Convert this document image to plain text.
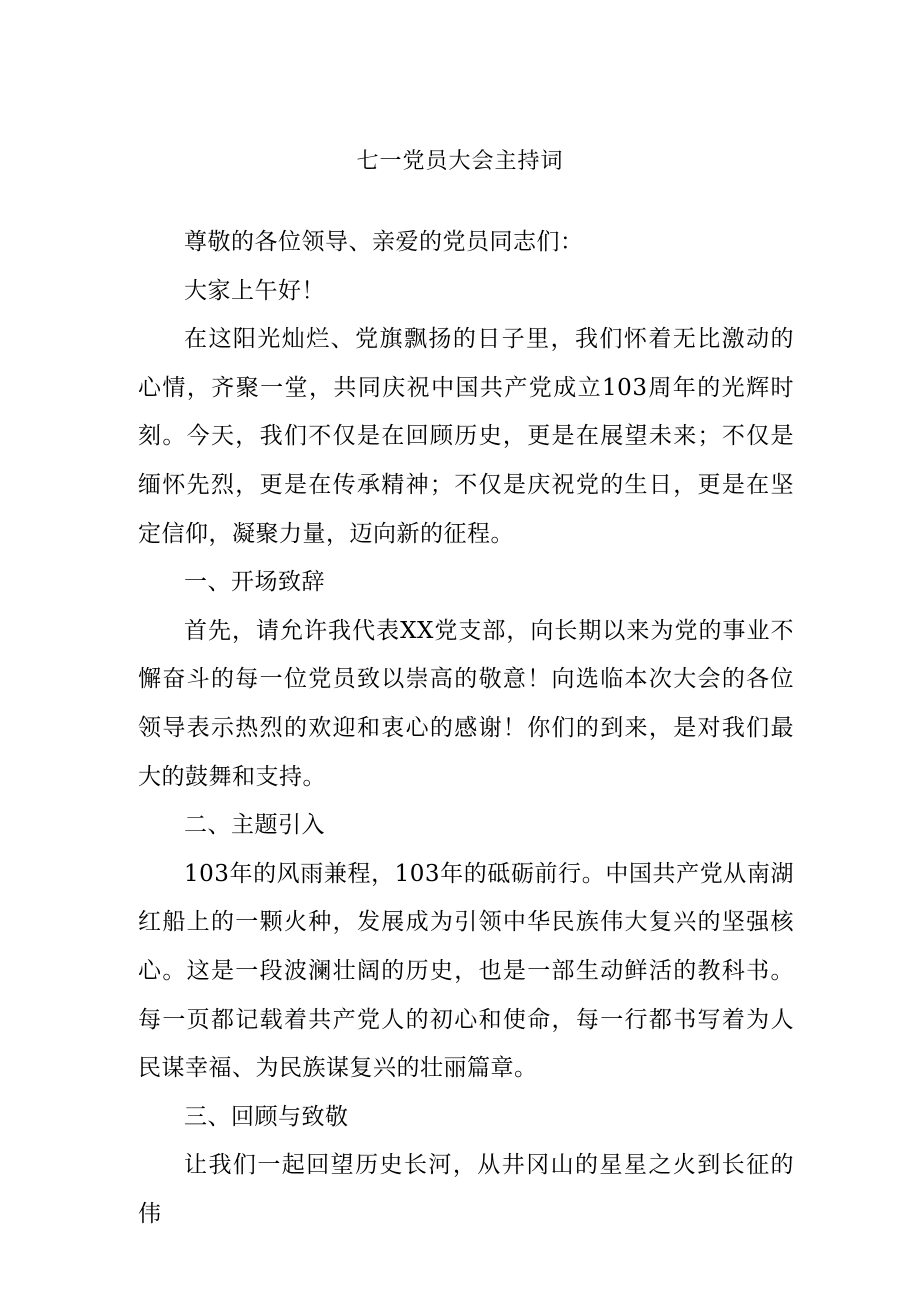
七一党员大会主持词

尊敬的各位领导、亲爱的党员同志们：

大家上午好！

在这阳光灿烂、党旗飘扬的日子里，我们怀着无比激动的心情，齐聚一堂，共同庆祝中国共产党成立103周年的光辉时刻。今天，我们不仅是在回顾历史，更是在展望未来；不仅是缅怀先烈，更是在传承精神；不仅是庆祝党的生日，更是在坚定信仰，凝聚力量，迈向新的征程。

一、开场致辞

首先，请允许我代表XX党支部，向长期以来为党的事业不懈奋斗的每一位党员致以崇高的敬意！向选临本次大会的各位领导表示热烈的欢迎和衷心的感谢！你们的到来，是对我们最大的鼓舞和支持。

二、主题引入

103年的风雨兼程，103年的砥砺前行。中国共产党从南湖红船上的一颗火种，发展成为引领中华民族伟大复兴的坚强核心。这是一段波澜壮阔的历史，也是一部生动鲜活的教科书。每一页都记载着共产党人的初心和使命，每一行都书写着为人民谋幸福、为民族谋复兴的壮丽篇章。

三、回顾与致敬

让我们一起回望历史长河，从井冈山的星星之火到长征的伟
